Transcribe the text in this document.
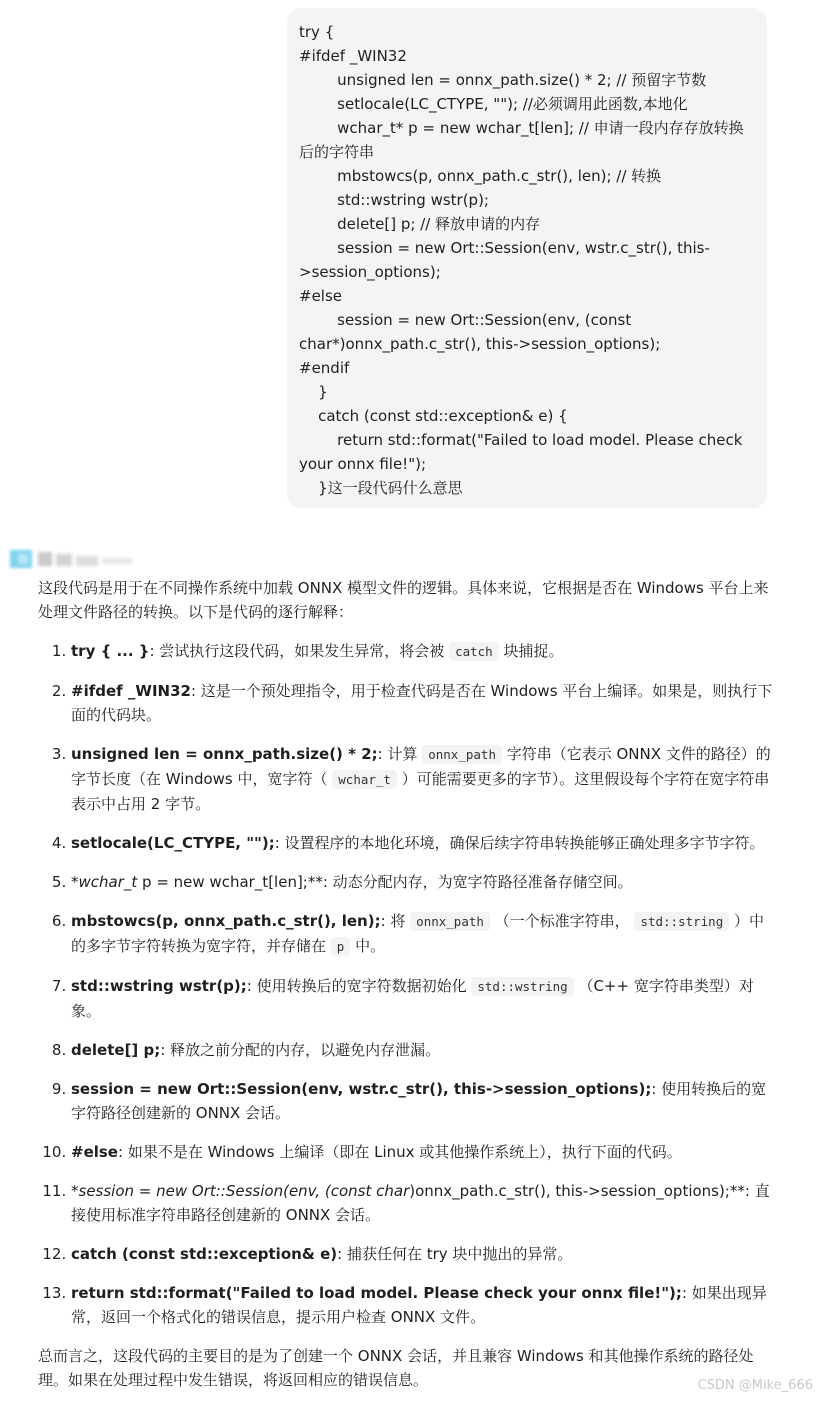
try {
#ifdef _WIN32
unsigned len = onnx_path.size() * 2; // 预留字节数
setlocale(LC_CTYPE, ""); //必须调用此函数,本地化
wchar_t* p = new wchar_t[len]; // 申请一段内存存放转换后的字符串
mbstowcs(p, onnx_path.c_str(), len); // 转换
std::wstring wstr(p);
delete[] p; // 释放申请的内存
session = new Ort::Session(env, wstr.c_str(), this->session_options);
#else
session = new Ort::Session(env, (const char*)onnx_path.c_str(), this->session_options);
#endif
}
catch (const std::exception& e) {
return std::format("Failed to load model. Please check your onnx file!");
}这一段代码什么意思

这段代码是用于在不同操作系统中加载 ONNX 模型文件的逻辑。具体来说，它根据是否在 Windows 平台上来处理文件路径的转换。以下是代码的逐行解释：

1. try { ... }: 尝试执行这段代码，如果发生异常，将会被 catch 块捕捉。
2. #ifdef _WIN32: 这是一个预处理指令，用于检查代码是否在 Windows 平台上编译。如果是，则执行下面的代码块。
3. unsigned len = onnx_path.size() * 2;: 计算 onnx_path 字符串（它表示 ONNX 文件的路径）的字节长度（在 Windows 中，宽字符（ wchar_t ）可能需要更多的字节）。这里假设每个字符在宽字符串表示中占用 2 字节。
4. setlocale(LC_CTYPE, "");: 设置程序的本地化环境，确保后续字符串转换能够正确处理多字节字符。
5. *wchar_t p = new wchar_t[len];**: 动态分配内存，为宽字符路径准备存储空间。
6. mbstowcs(p, onnx_path.c_str(), len);: 将 onnx_path （一个标准字符串， std::string ）中的多字节字符转换为宽字符，并存储在 p 中。
7. std::wstring wstr(p);: 使用转换后的宽字符数据初始化 std::wstring （C++ 宽字符串类型）对象。
8. delete[] p;: 释放之前分配的内存，以避免内存泄漏。
9. session = new Ort::Session(env, wstr.c_str(), this->session_options);: 使用转换后的宽字符路径创建新的 ONNX 会话。
10. #else: 如果不是在 Windows 上编译（即在 Linux 或其他操作系统上），执行下面的代码。
11. *session = new Ort::Session(env, (const char)onnx_path.c_str(), this->session_options);**: 直接使用标准字符串路径创建新的 ONNX 会话。
12. catch (const std::exception& e): 捕获任何在 try 块中抛出的异常。
13. return std::format("Failed to load model. Please check your onnx file!");: 如果出现异常，返回一个格式化的错误信息，提示用户检查 ONNX 文件。

总而言之，这段代码的主要目的是为了创建一个 ONNX 会话，并且兼容 Windows 和其他操作系统的路径处理。如果在处理过程中发生错误，将返回相应的错误信息。	CSDN @Mike_666
